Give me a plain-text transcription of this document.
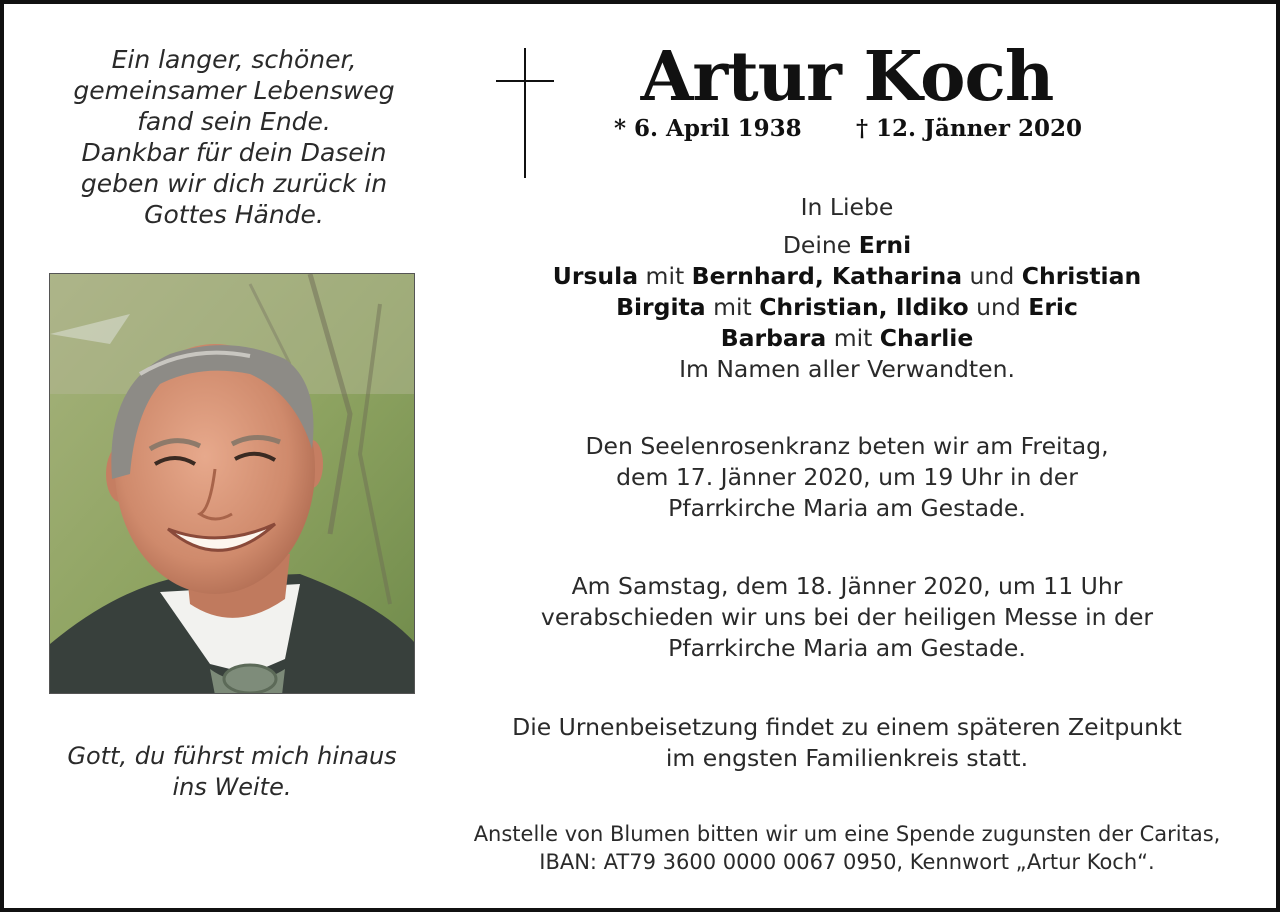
Ein langer, schöner,
gemeinsamer Lebensweg
fand sein Ende.
Dankbar für dein Dasein
geben wir dich zurück in
Gottes Hände.
Gott, du führst mich hinaus
ins Weite.
Artur Koch
* 6. April 1938 † 12. Jänner 2020
In Liebe
Deine Erni
Ursula mit Bernhard, Katharina und Christian
Birgita mit Christian, Ildiko und Eric
Barbara mit Charlie
Im Namen aller Verwandten.
Den Seelenrosenkranz beten wir am Freitag,
dem 17. Jänner 2020, um 19 Uhr in der
Pfarrkirche Maria am Gestade.
Am Samstag, dem 18. Jänner 2020, um 11 Uhr
verabschieden wir uns bei der heiligen Messe in der
Pfarrkirche Maria am Gestade.
Die Urnenbeisetzung findet zu einem späteren Zeitpunkt
im engsten Familienkreis statt.
Anstelle von Blumen bitten wir um eine Spende zugunsten der Caritas,
IBAN: AT79 3600 0000 0067 0950, Kennwort „Artur Koch“.
